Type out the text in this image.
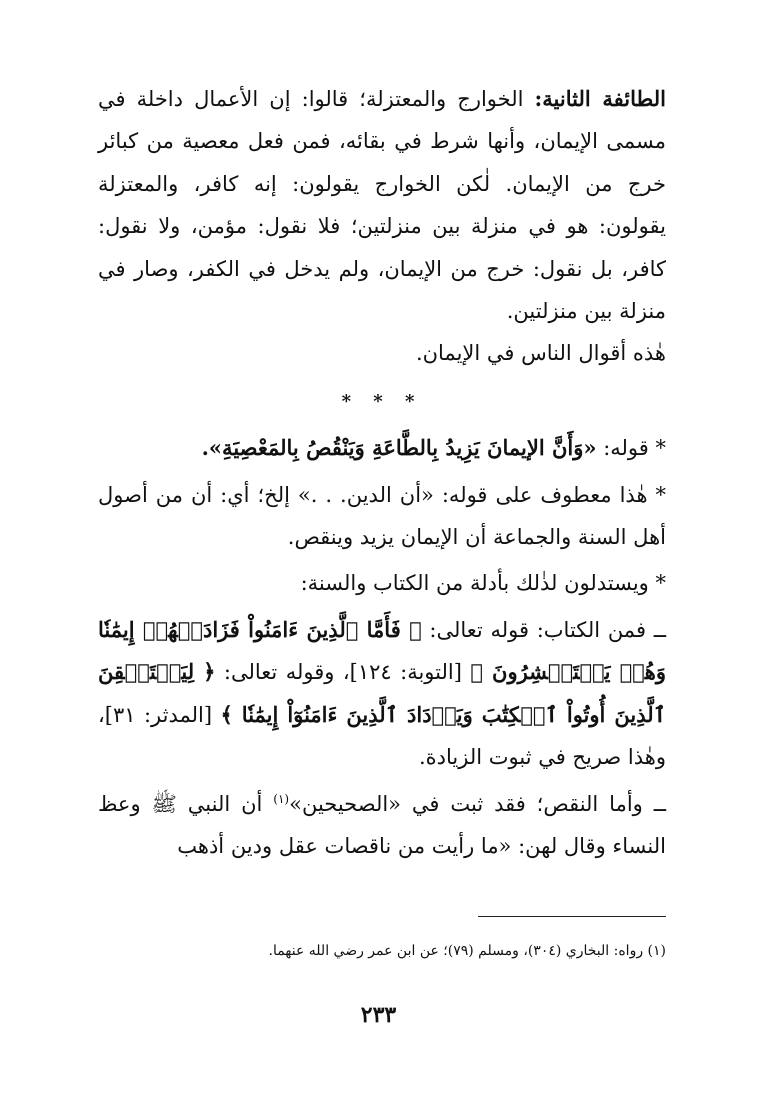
الطائفة الثانية: الخوارج والمعتزلة؛ قالوا: إن الأعمال داخلة في مسمى الإيمان، وأنها شرط في بقائه، فمن فعل معصية من كبائر خرج من الإيمان. لٰكن الخوارج يقولون: إنه كافر، والمعتزلة يقولون: هو في منزلة بين منزلتين؛ فلا نقول: مؤمن، ولا نقول: كافر، بل نقول: خرج من الإيمان، ولم يدخل في الكفر، وصار في منزلة بين منزلتين.

هٰذه أقوال الناس في الإيمان.

* * *

* قوله: «وَأَنَّ الإيمانَ يَزِيدُ بِالطَّاعَةِ وَيَنْقُصُ بِالمَعْصِيَةِ».

* هٰذا معطوف على قوله: «أن الدين. . .» إلخ؛ أي: أن من أصول أهل السنة والجماعة أن الإيمان يزيد وينقص.

* ويستدلون لذٰلك بأدلة من الكتاب والسنة:

ــ فمن الكتاب: قوله تعالى: ﴿ فَأَمَّا ٱلَّذِينَ ءَامَنُواْ فَزَادَتۡهُمۡ إِيمَٰنٗا وَهُمۡ يَسۡتَبۡشِرُونَ ﴾ [التوبة: ١٢٤]، وقوله تعالى: ﴿ لِيَسۡتَيۡقِنَ ٱلَّذِينَ أُوتُواْ ٱلۡكِتَٰبَ وَيَزۡدَادَ ٱلَّذِينَ ءَامَنُوٓاْ إِيمَٰنٗا ﴾ [المدثر: ٣١]، وهٰذا صريح في ثبوت الزيادة.

ــ وأما النقص؛ فقد ثبت في «الصحيحين»$^{(١)}$ أن النبي ﷺ وعظ النساء وقال لهن: «ما رأيت من ناقصات عقل ودين أذهب

(١) رواه: البخاري (٣٠٤)، ومسلم (٧٩)؛ عن ابن عمر رضي الله عنهما.
٢٣٣
